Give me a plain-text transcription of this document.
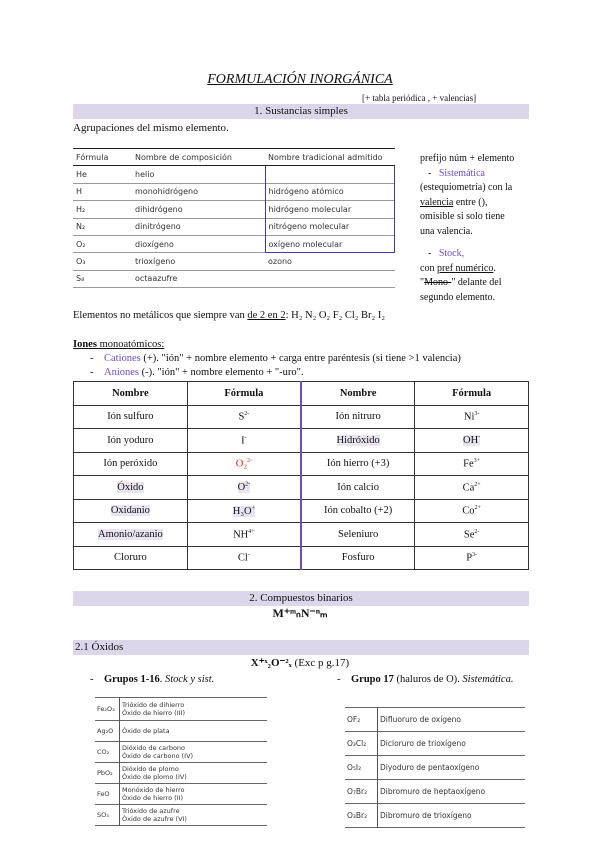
FORMULACIÓN INORGÁNICA
[+ tabla periódica , + valencias]
1. Sustancias simples
Agrupaciones del mismo elemento.
Fórmula	Nombre de composición	Nombre tradicional admitido
He	helio	
H	monohidrógeno	hidrógeno atómico
H₂	dihidrógeno	hidrógeno molecular
N₂	dinitrógeno	nitrógeno molecular
O₂	dioxígeno	oxígeno molecular
O₃	trioxígeno	ozono
S₈	octaazufre	
prefijo núm + elemento
- Sistemática
(estequiometría) con la
valencia entre (),
omisible si solo tiene
una valencia.
- Stock,
con pref numérico.
"Mono-" delante del
segundo elemento.
Elementos no metálicos que siempre van de 2 en 2: H₂ N₂ O₂ F₂ Cl₂ Br₂ I₂
Iones monoatómicos:
-    Cationes (+). "ión" + nombre elemento + carga entre paréntesis (si tiene >1 valencia)
-    Aniones (-). "ión" + nombre elemento + "-uro".
Nombre	Fórmula	Nombre	Fórmula
Ión sulfuro	$S^{2-}$	Ión nitruro	$Ni^{3-}$
Ión yoduro	I-	Hidróxido	OH-
Ión peróxido	O₂$^{2-}$	Ión hierro (+3)	$Fe^{3+}$
Óxido	$O^{2-}$	Ión calcio	$Ca^{2+}$
Oxidanio	H₃O+	Ión cobalto (+2)	$Co^{2+}$
Amonio/azanio	$NH^{4+}$	Seleniuro	$Se^{2-}$
Cloruro	Cl-	Fosfuro	$P^{3-}$
2. Compuestos binarios
M⁺ᵐₙN⁻ⁿₘ
2.1 Óxidos
X⁺ˣ₂O⁻²ₓ (Exc p g.17)
- Grupos 1-16. Stock y sist.	- Grupo 17 (haluros de O). Sistemática.
Fe₂O₃	Trióxido de dihierro
Óxido de hierro (III)

Ag₂O	Óxido de plata

CO₂	Dióxido de carbono
Óxido de carbono (IV)

PbO₂	Dióxido de plomo
Óxido de plomo (IV)

FeO	Monóxido de hierro
Óxido de hierro (II)

SO₃	Trióxido de azufre
Óxido de azufre (VI)
OF₂	Difluoruro de oxígeno
O₃Cl₂	Dicloruro de trioxígeno
O₅I₂	Diyoduro de pentaoxígeno
O₇Br₂	Dibromuro de heptaoxígeno
O₃Br₂	Dibromuro de trioxígeno
